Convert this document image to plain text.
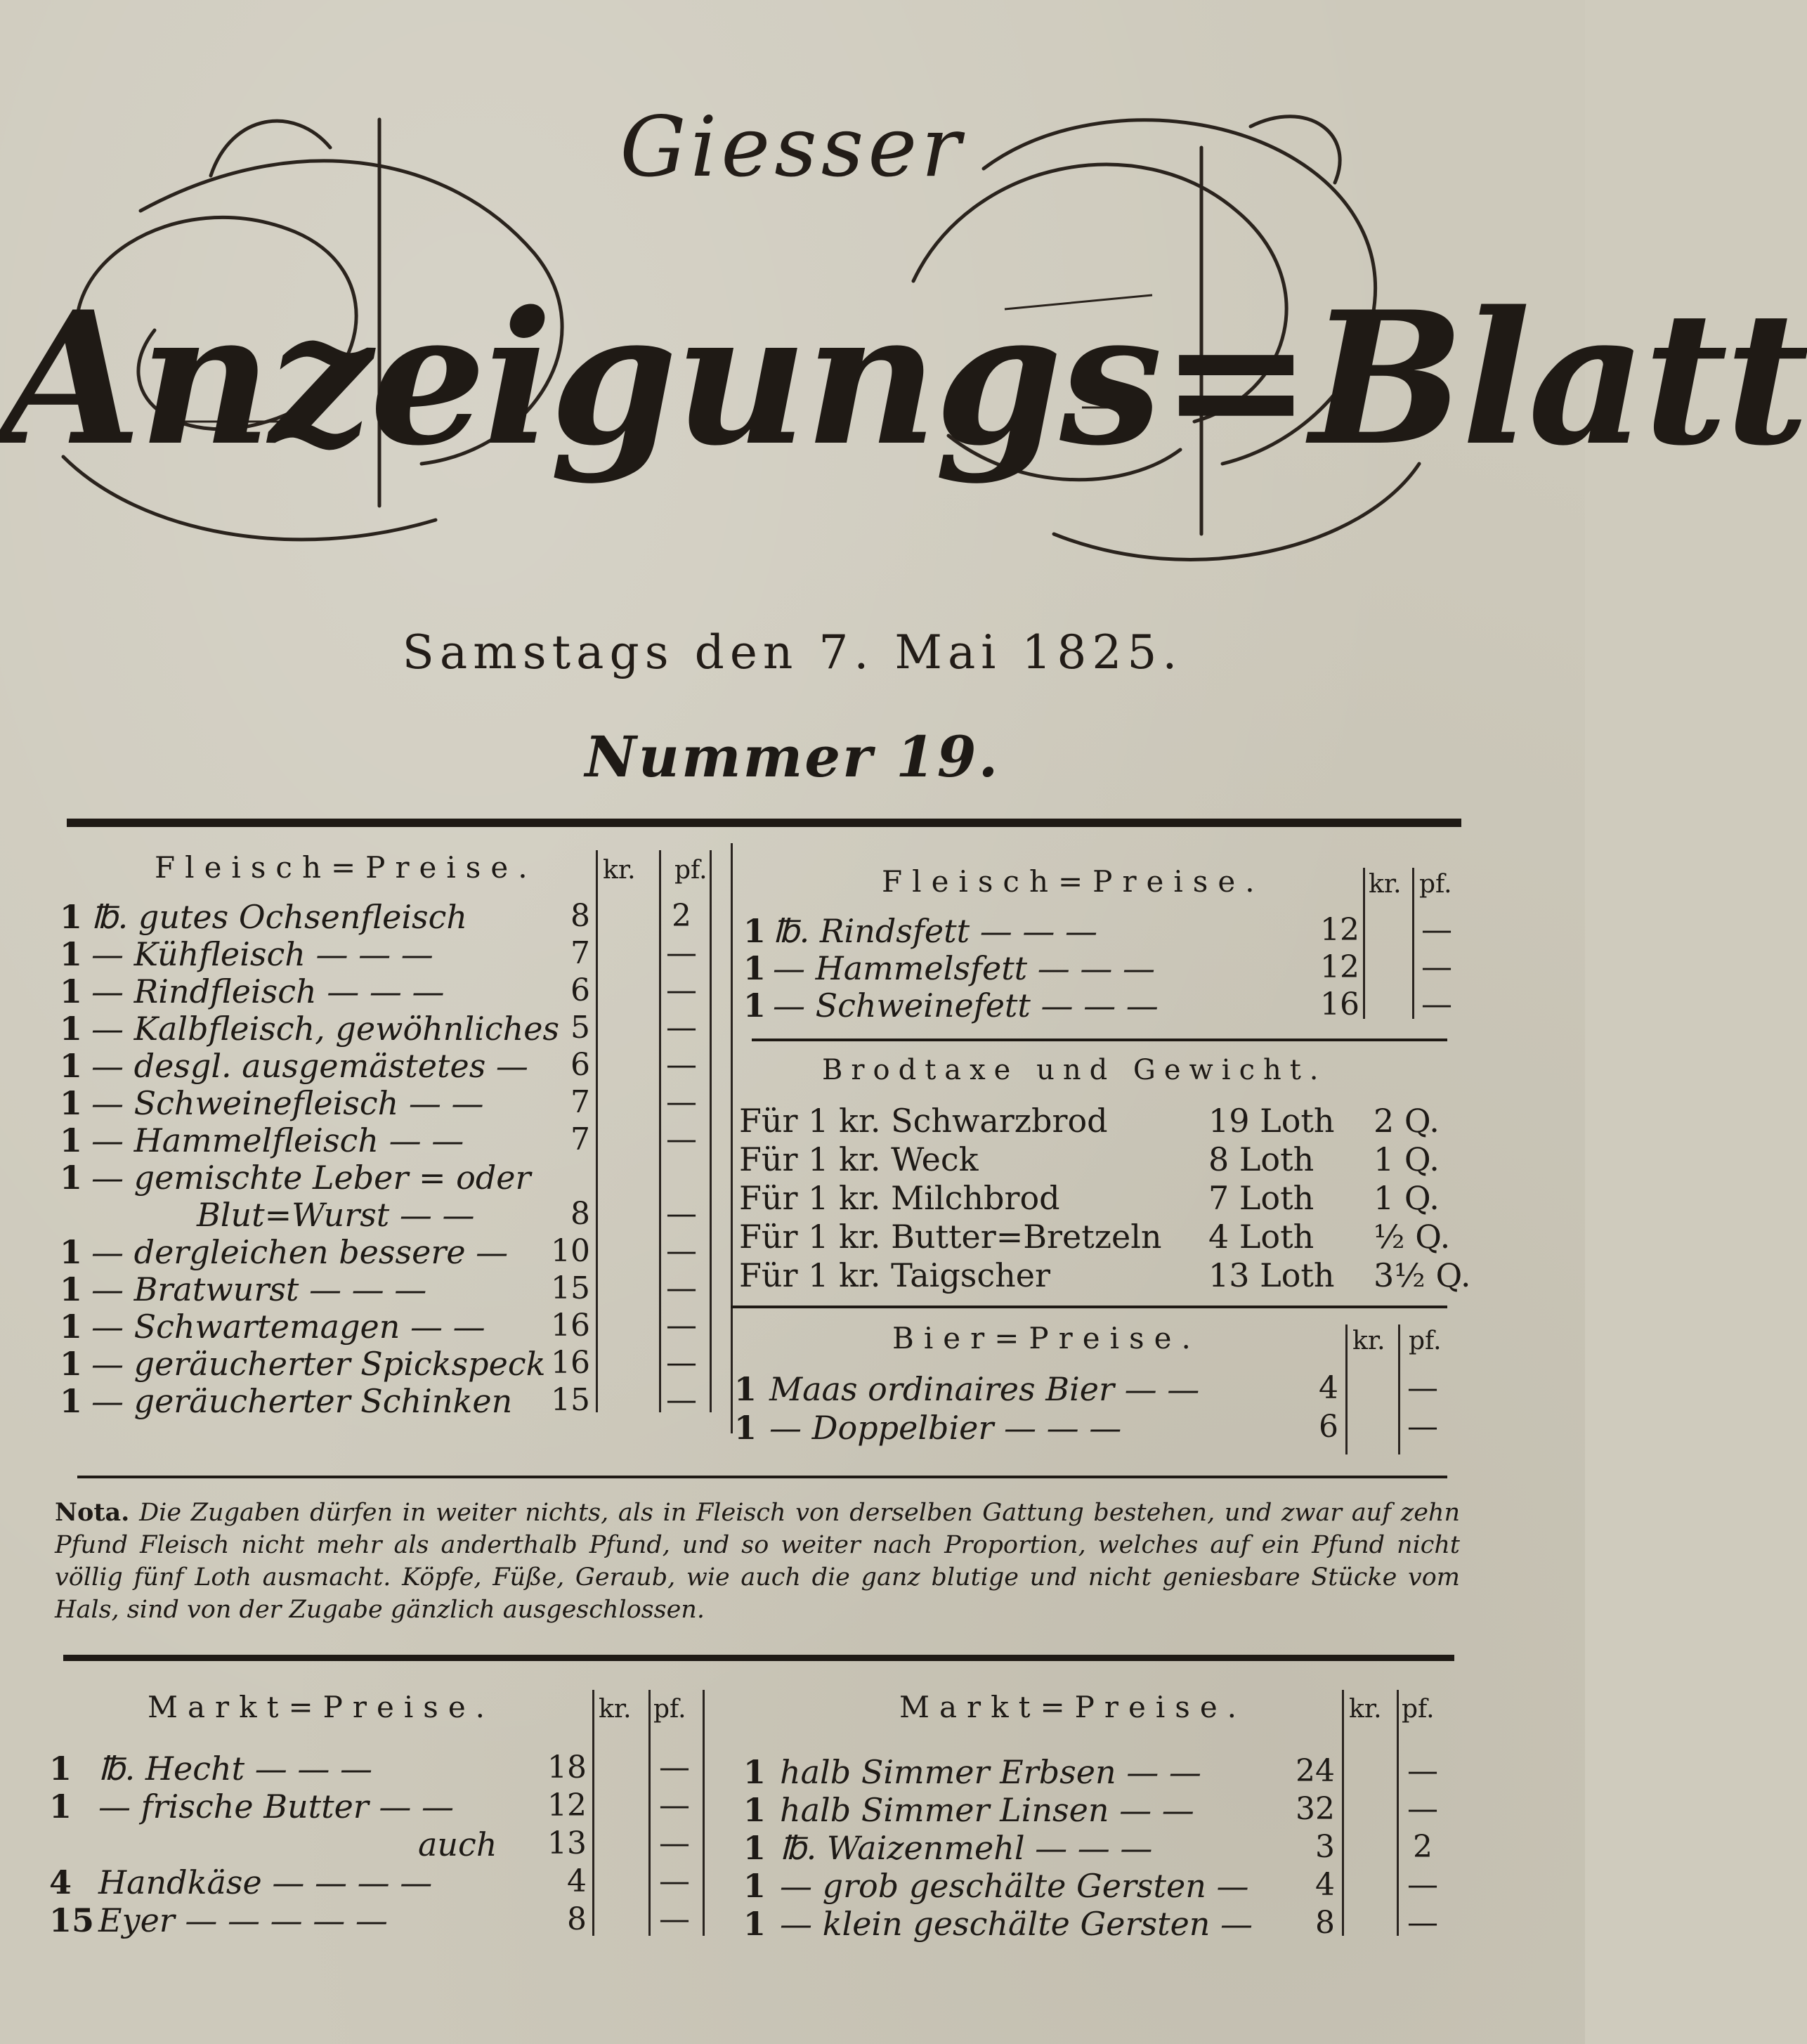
Giesser
Anzeigungs=Blatt
Samstags den 7. Mai 1825.
Nummer 19.
Fleisch=Preise.	kr. pf.
1 ℔. gutes Ochsenfleisch	8	2
1 — Kühfleisch — — —	7 —
1 — Rindfleisch — — —	6 —
1 — Kalbfleisch, gewöhnliches 5 —
1 — desgl. ausgemästetes —	6 —
1 — Schweinefleisch — —	7 —
1 — Hammelfleisch — —	7 —
1 — gemischte Leber = oder
Blut=Wurst — —	8 —
1 — dergleichen bessere —	10 —
1 — Bratwurst — — —	15 —
1 — Schwartemagen — —	16 —
1 — geräucherter Spickspeck 16 —
1 — geräucherter Schinken	15 —
Fleisch=Preise.	kr. pf.
1 ℔. Rindsfett — — —	12 —
1 — Hammelsfett — — —	12 —
1 — Schweinefett — — —	16 —
Brodtaxe und Gewicht.
Für 1 kr. Schwarzbrod	19 Loth 2 Q.
Für 1 kr. Weck	8 Loth 1 Q.
Für 1 kr. Milchbrod	7 Loth 1 Q.
Für 1 kr. Butter=Bretzeln 4 Loth ½ Q.
Für 1 kr. Taigscher	13 Loth 3½ Q.
Bier=Preise.	kr. pf.
1 Maas ordinaires Bier — —	4 —
1 — Doppelbier — — —	6 —
Nota. Die Zugaben dürfen in weiter nichts, als in Fleisch von derselben Gattung bestehen, und zwar auf zehn Pfund Fleisch nicht mehr als anderthalb Pfund, und so weiter nach Proportion, welches auf ein Pfund nicht völlig fünf Loth ausmacht. Köpfe, Füße, Geraub, wie auch die ganz blutige und nicht geniesbare Stücke vom Hals, sind von der Zugabe gänzlich ausgeschlossen.
Markt=Preise.	kr. pf.
1 ℔. Hecht — — —	18 —
1 — frische Butter — —	12 —
auch	13 —
4 Handkäse — — — —	4 —
15 Eyer — — — — —	8 —
Markt=Preise.	kr. pf.
1 halb Simmer Erbsen — —	24 —
1 halb Simmer Linsen — —	32 —
1 ℔. Waizenmehl — — —	3	2
1 — grob geschälte Gersten —	4 —
1 — klein geschälte Gersten —	8 —
